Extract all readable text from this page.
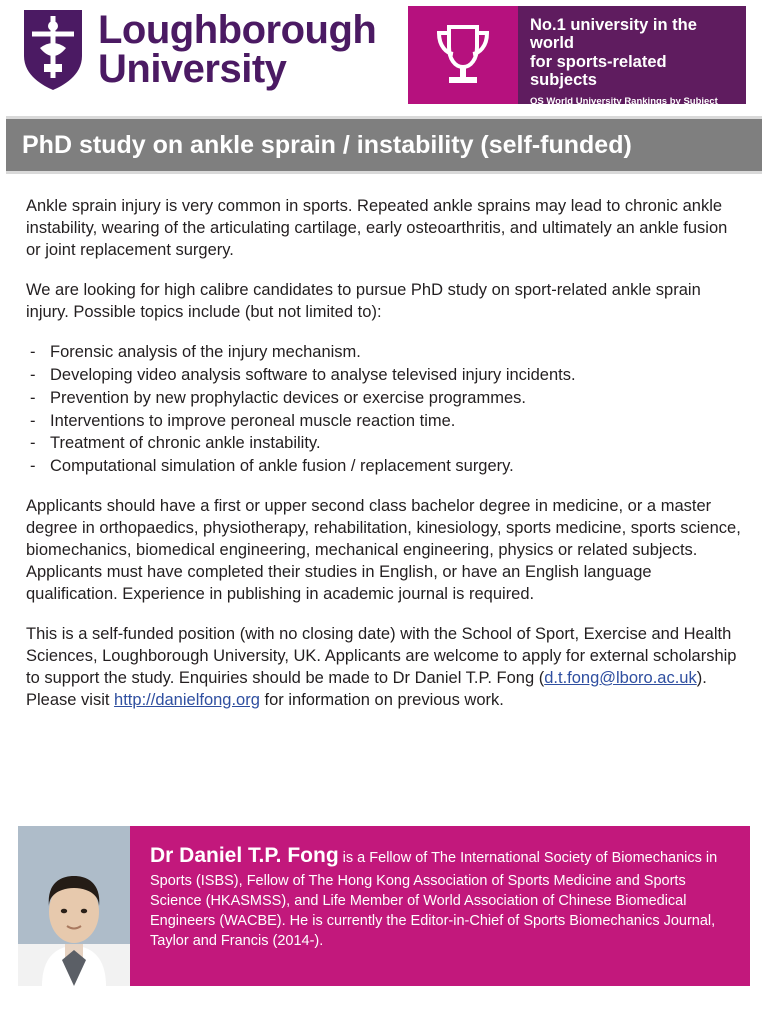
Loughborough
University
No.1 university in the world
for sports-related subjects
QS World University Rankings by Subject
2017–2025
PhD study on ankle sprain / instability (self-funded)

Ankle sprain injury is very common in sports. Repeated ankle sprains may lead to chronic ankle instability, wearing of the articulating cartilage, early osteoarthritis, and ultimately an ankle fusion or joint replacement surgery.

We are looking for high calibre candidates to pursue PhD study on sport-related ankle sprain injury. Possible topics include (but not limited to):

- Forensic analysis of the injury mechanism.
- Developing video analysis software to analyse televised injury incidents.
- Prevention by new prophylactic devices or exercise programmes.
- Interventions to improve peroneal muscle reaction time.
- Treatment of chronic ankle instability.
- Computational simulation of ankle fusion / replacement surgery.

Applicants should have a first or upper second class bachelor degree in medicine, or a master degree in orthopaedics, physiotherapy, rehabilitation, kinesiology, sports medicine, sports science, biomechanics, biomedical engineering, mechanical engineering, physics or related subjects. Applicants must have completed their studies in English, or have an English language qualification. Experience in publishing in academic journal is required.

This is a self-funded position (with no closing date) with the School of Sport, Exercise and Health Sciences, Loughborough University, UK. Applicants are welcome to apply for external scholarship to support the study. Enquiries should be made to Dr Daniel T.P. Fong (d.t.fong@lboro.ac.uk). Please visit http://danielfong.org for information on previous work.

Dr Daniel T.P. Fong is a Fellow of The International Society of Biomechanics in Sports (ISBS), Fellow of The Hong Kong Association of Sports Medicine and Sports Science (HKASMSS), and Life Member of World Association of Chinese Biomedical Engineers (WACBE). He is currently the Editor-in-Chief of Sports Biomechanics Journal, Taylor and Francis (2014-).
